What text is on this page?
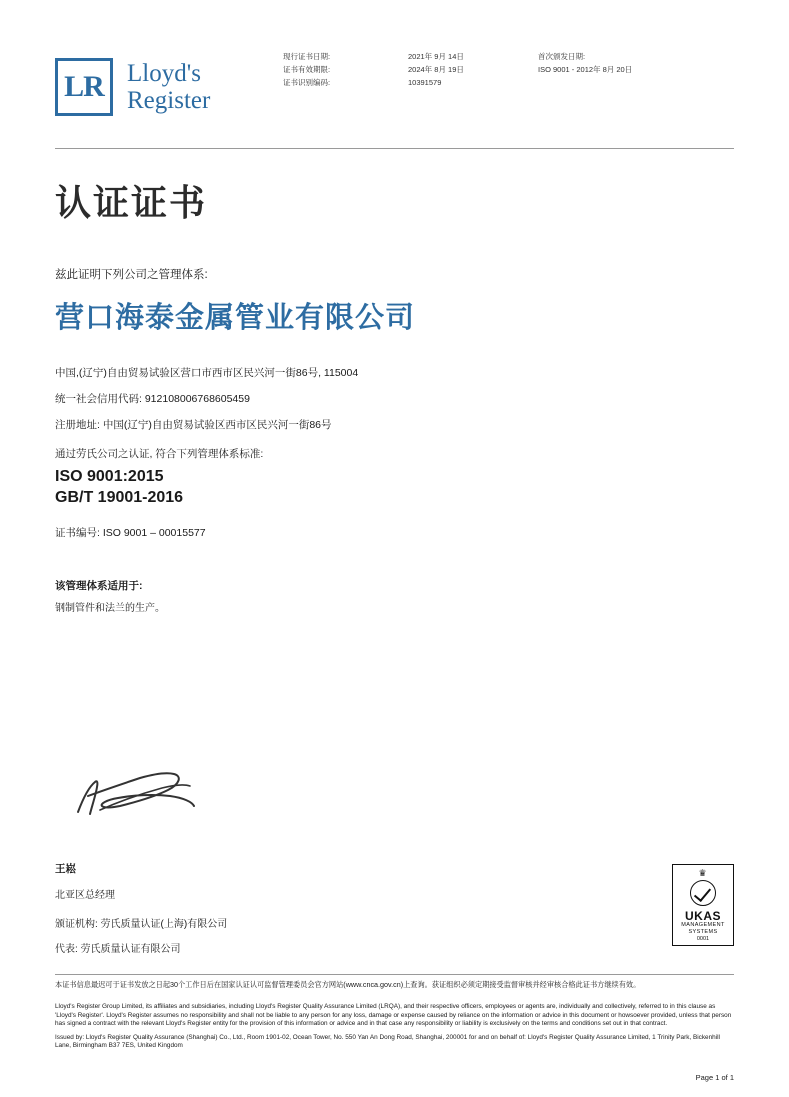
LR Lloyd's
Register
现行证书日期:
证书有效期限:
证书识别编码:
2021年 9月 14日
2024年 8月 19日
10391579
首次颁发日期:
ISO 9001 - 2012年 8月 20日
认证证书
兹此证明下列公司之管理体系:
营口海泰金属管业有限公司
中国,(辽宁)自由贸易试验区营口市西市区民兴河一街86号, 115004
统一社会信用代码: 91210800676860​5459
注册地址: 中国(辽宁)自由贸易试验区西市区民兴河一街86号
通过劳氏公司之认证, 符合下列管理体系标准:
ISO 9001:2015
GB/T 19001-2016
证书编号: ISO 9001 – 00015577
该管理体系适用于:
钢制管件和法兰的生产。
王崧
北亚区总经理
颁证机构: 劳氏质量认证(上海)有限公司
代表: 劳氏质量认证有限公司
♛
UKAS
MANAGEMENT
SYSTEMS
0001
本证书信息最迟可于证书发放之日起30个工作日后在国家认证认可监督管理委员会官方网站(www.cnca.gov.cn)上查询。获证组织必须定期接受监督审核并经审核合格此证书方继续有效。

Lloyd's Register Group Limited, its affiliates and subsidiaries, including Lloyd's Register Quality Assurance Limited (LRQA), and their respective officers, employees or agents are, individually and collectively, referred to in this clause as 'Lloyd's Register'. Lloyd's Register assumes no responsibility and shall not be liable to any person for any loss, damage or expense caused by reliance on the information or advice in this document or howsoever provided, unless that person has signed a contract with the relevant Lloyd's Register entity for the provision of this information or advice and in that case any responsibility or liability is exclusively on the terms and conditions set out in that contract.

Issued by: Lloyd's Register Quality Assurance (Shanghai) Co., Ltd., Room 1901-02, Ocean Tower, No. 550 Yan An Dong Road, Shanghai, 200001 for and on behalf of: Lloyd's Register Quality Assurance Limited, 1 Trinity Park, Bickenhill Lane, Birmingham B37 7ES, United Kingdom

Page 1 of 1
